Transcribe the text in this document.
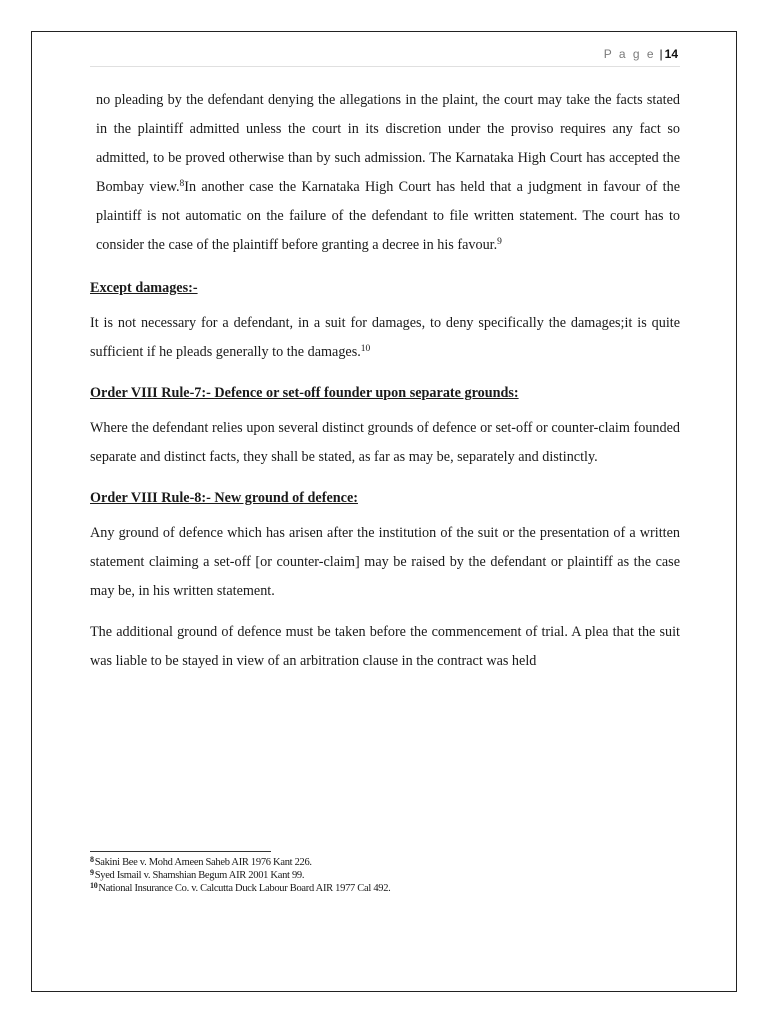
P a g e | 14

no pleading by the defendant denying the allegations in the plaint, the court may take the facts stated in the plaintiff admitted unless the court in its discretion under the proviso requires any fact so admitted, to be proved otherwise than by such admission. The Karnataka High Court has accepted the Bombay view.$^8$In another case the Karnataka High Court has held that a judgment in favour of the plaintiff is not automatic on the failure of the defendant to file written statement. The court has to consider the case of the plaintiff before granting a decree in his favour.$^9$

Except damages:-

It is not necessary for a defendant, in a suit for damages, to deny specifically the damages;it is quite sufficient if he pleads generally to the damages.$^{10}$

Order VIII Rule-7:- Defence or set-off founder upon separate grounds:

Where the defendant relies upon several distinct grounds of defence or set-off or counter-claim founded separate and distinct facts, they shall be stated, as far as may be, separately and distinctly.

Order VIII Rule-8:- New ground of defence:

Any ground of defence which has arisen after the institution of the suit or the presentation of a written statement claiming a set-off [or counter-claim] may be raised by the defendant or plaintiff as the case may be, in his written statement.

The additional ground of defence must be taken before the commencement of trial. A plea that the suit was liable to be stayed in view of an arbitration clause in the contract was held

$^8$Sakini Bee v. Mohd Ameen Saheb AIR 1976 Kant 226.
$^9$Syed Ismail v. Shamshian Begum AIR 2001 Kant 99.
$^{10}$National Insurance Co. v. Calcutta Duck Labour Board AIR 1977 Cal 492.
